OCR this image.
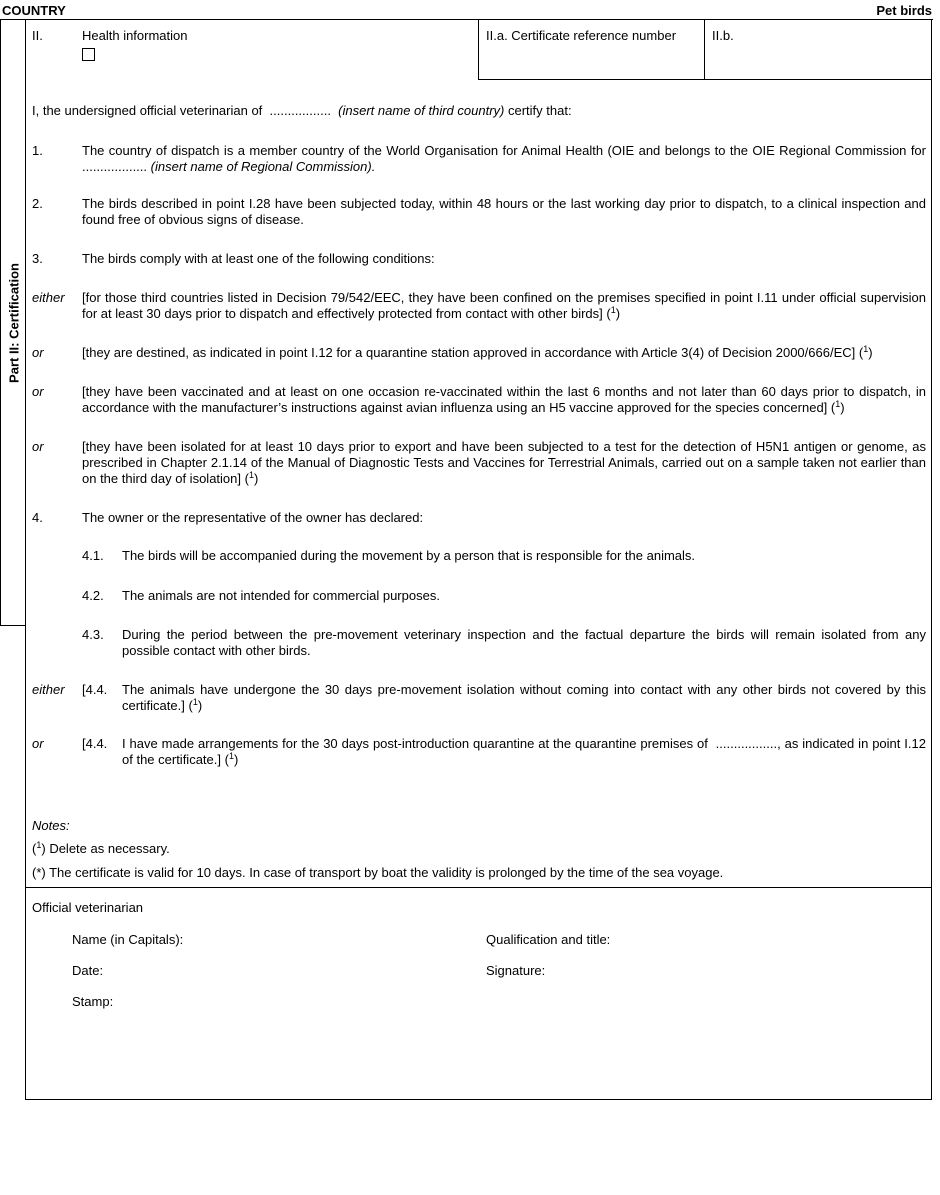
COUNTRY	Pet birds
Part II: Certification
II.	Health information	II.a. Certificate reference number	II.b.
I, the undersigned official veterinarian of ................. (insert name of third country) certify that:
1.	The country of dispatch is a member country of the World Organisation for Animal Health (OIE and belongs to the OIE Regional Commission for .................. (insert name of Regional Commission).
2.	The birds described in point I.28 have been subjected today, within 48 hours or the last working day prior to dispatch, to a clinical inspection and found free of obvious signs of disease.
3.	The birds comply with at least one of the following conditions:
either [for those third countries listed in Decision 79/542/EEC, they have been confined on the premises specified in point I.11 under official supervision for at least 30 days prior to dispatch and effectively protected from contact with other birds] ($^1$)
or	[they are destined, as indicated in point I.12 for a quarantine station approved in accordance with Article 3(4) of Decision 2000/666/EC] ($^1$)
or	[they have been vaccinated and at least on one occasion re-vaccinated within the last 6 months and not later than 60 days prior to dispatch, in accordance with the manufacturer’s instructions against avian influenza using an H5 vaccine approved for the species concerned] ($^1$)
or	[they have been isolated for at least 10 days prior to export and have been subjected to a test for the detection of H5N1 antigen or genome, as prescribed in Chapter 2.1.14 of the Manual of Diagnostic Tests and Vaccines for Terrestrial Animals, carried out on a sample taken not earlier than on the third day of isolation] ($^1$)
4.	The owner or the representative of the owner has declared:
4.1. The birds will be accompanied during the movement by a person that is responsible for the animals.
4.2. The animals are not intended for commercial purposes.
4.3. During the period between the pre-movement veterinary inspection and the factual departure the birds will remain isolated from any possible contact with other birds.
either [4.4. The animals have undergone the 30 days pre-movement isolation without coming into contact with any other birds not covered by this certificate.] ($^1$)
or	[4.4. I have made arrangements for the 30 days post-introduction quarantine at the quarantine premises of ................., as indicated in point I.12 of the certificate.] ($^1$)
Notes:
($^1$) Delete as necessary.
(*) The certificate is valid for 10 days. In case of transport by boat the validity is prolonged by the time of the sea voyage.
Official veterinarian
Name (in Capitals):	Qualification and title:
Date:	Signature:
Stamp:
